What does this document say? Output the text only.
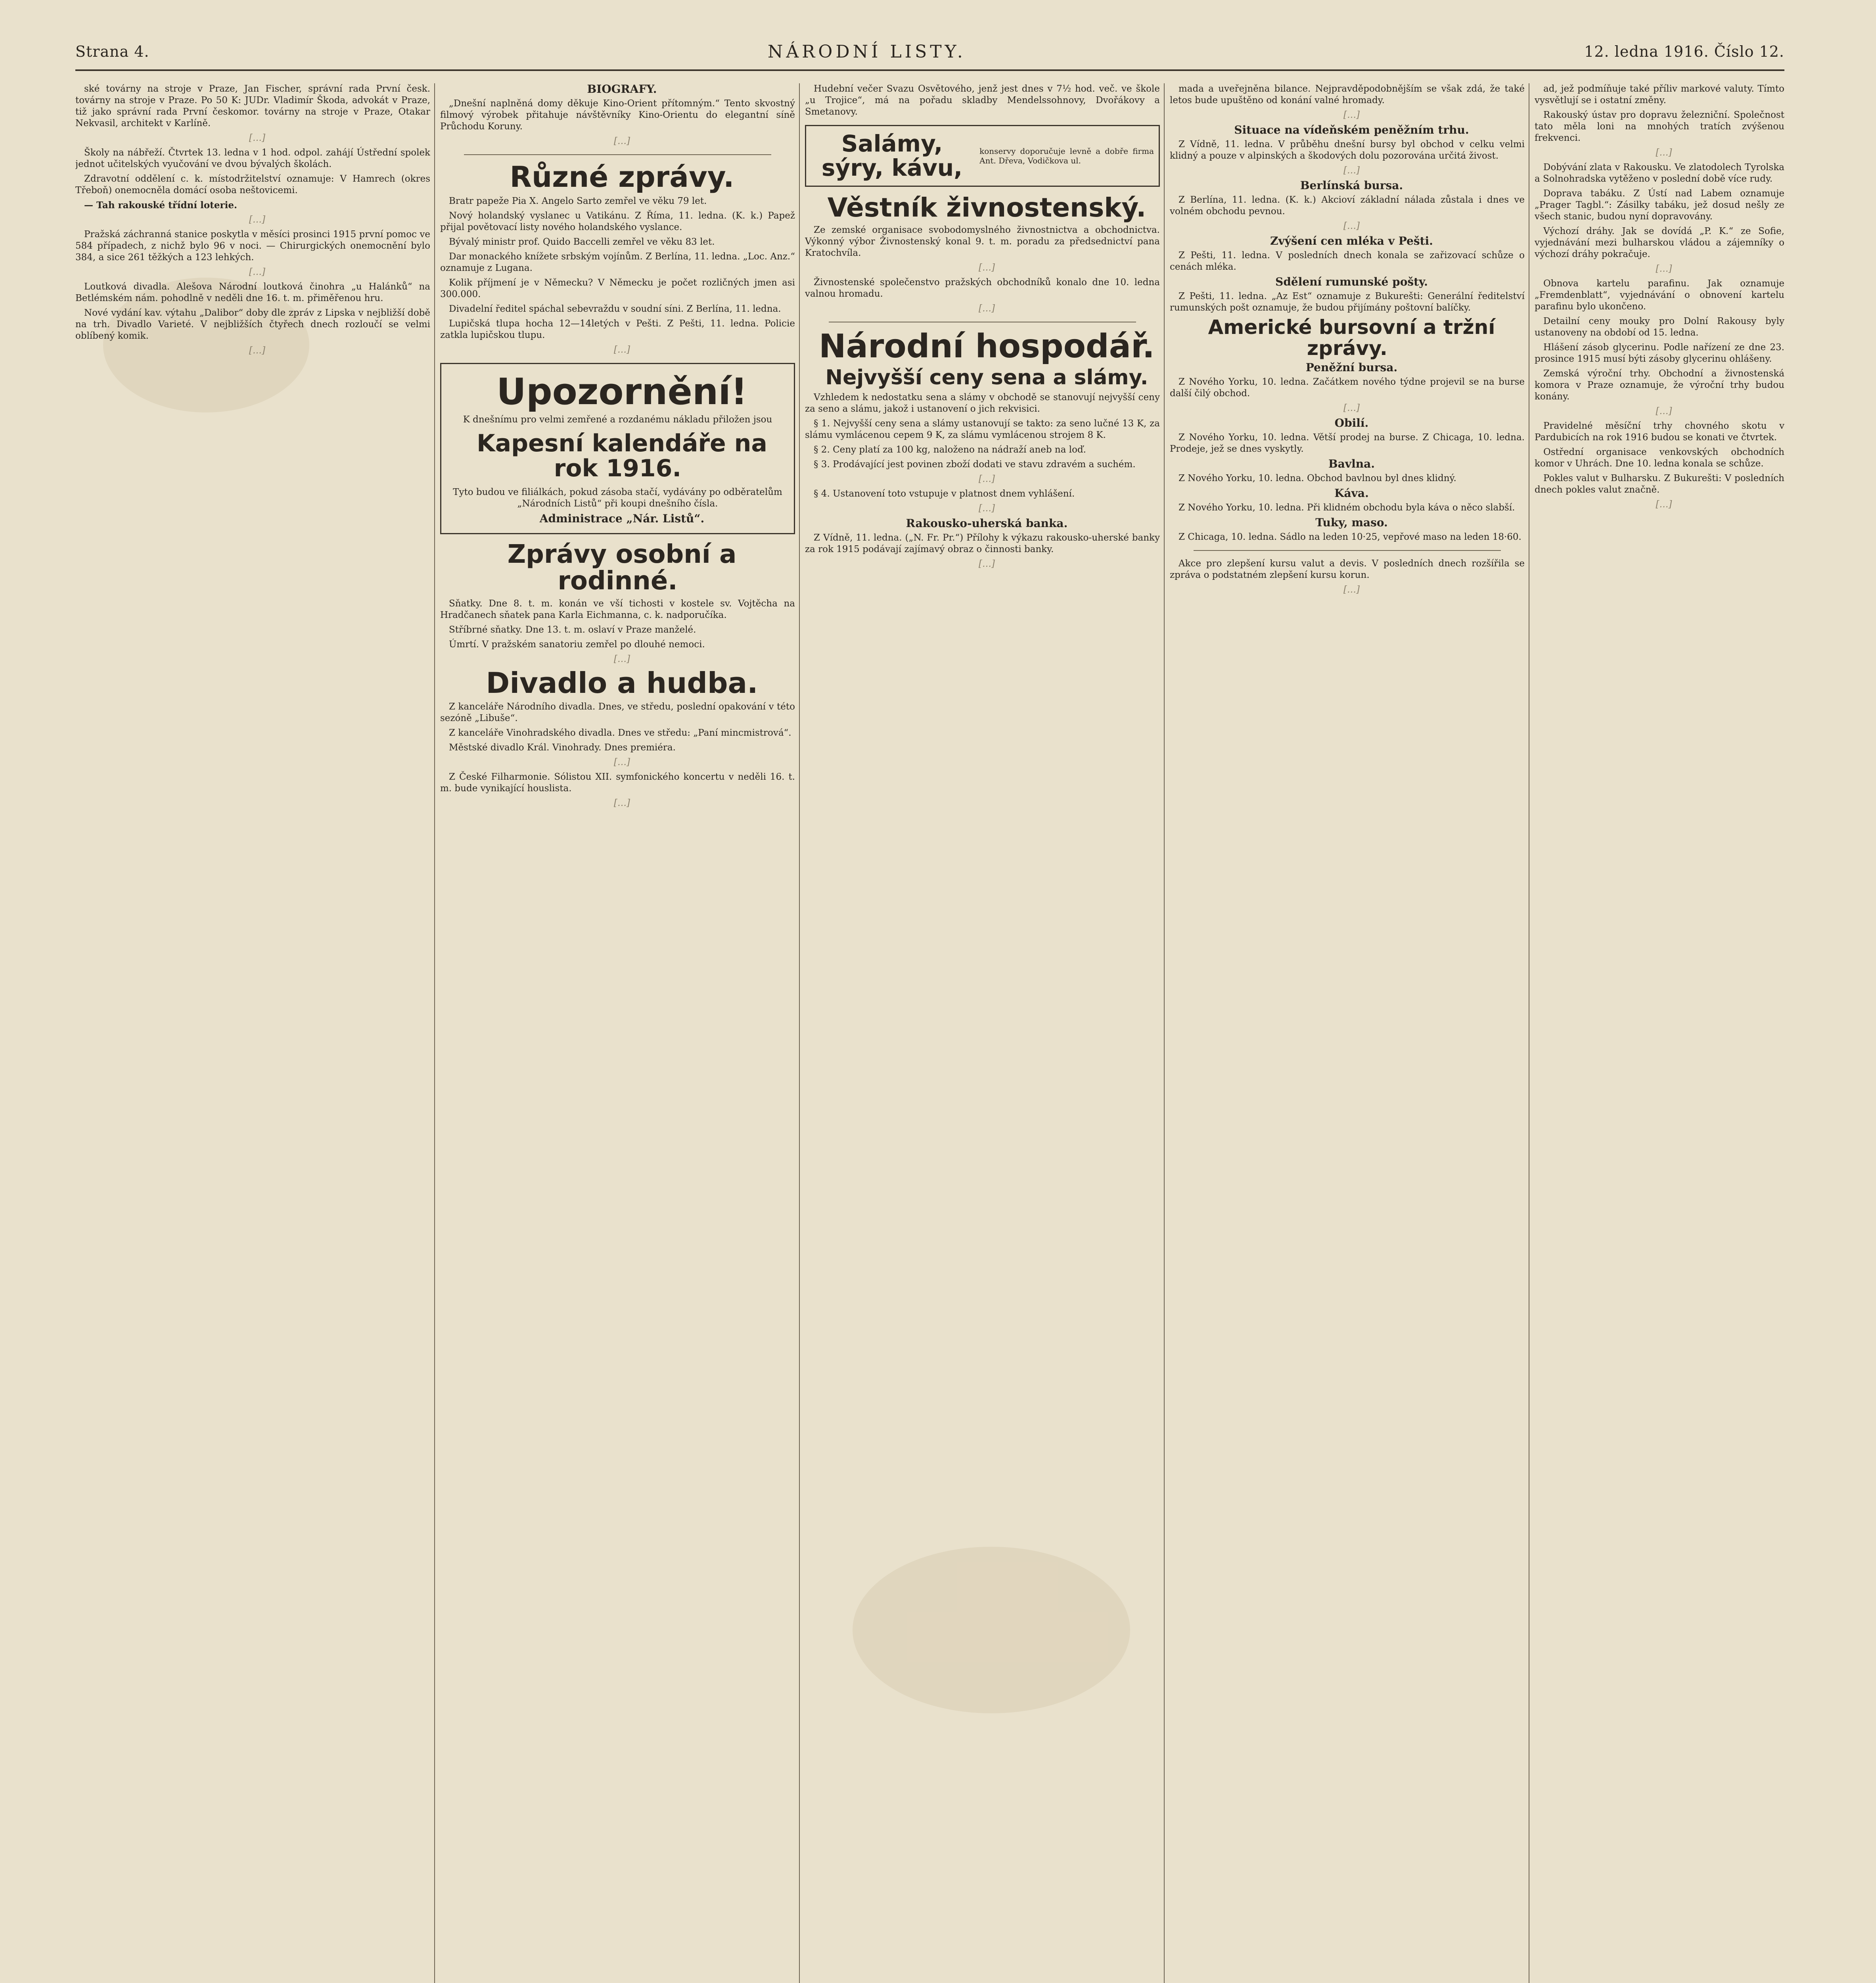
Strana 4.	NÁRODNÍ LISTY.	12. ledna 1916. Číslo 12.

ské továrny na stroje v Praze, Jan Fischer, správní rada První česk. továrny na stroje v Praze. Po 50 K: JUDr. Vladimír Škoda, advokát v Praze, tiž jako správní rada První českomor. továrny na stroje v Praze, Otakar Nekvasil, architekt v Karlíně.

[…]

Školy na nábřeží. Čtvrtek 13. ledna v 1 hod. odpol. zahájí Ústřední spolek jednot učitelských vyučování ve dvou bývalých školách.

Zdravotní oddělení c. k. místodržitelství oznamuje: V Hamrech (okres Třeboň) onemocněla domácí osoba neštovicemi.

— Tah rakouské třídní loterie.

[…]

Pražská záchranná stanice poskytla v měsíci prosinci 1915 první pomoc ve 584 případech, z nichž bylo 96 v noci. — Chirurgických onemocnění bylo 384, a sice 261 těžkých a 123 lehkých.

[…]

Loutková divadla. Alešova Národní loutková činohra „u Halánků“ na Betlémském nám. pohodlně v neděli dne 16. t. m. přiměřenou hru.

Nové vydání kav. výtahu „Dalibor“ doby dle zpráv z Lipska v nejbližší době na trh. Divadlo Varieté. V nejbližších čtyřech dnech rozloučí se velmi oblíbený komik.

[…]

BIOGRAFY.

„Dnešní naplněná domy děkuje Kino-Orient přítomným.“ Tento skvostný filmový výrobek přitahuje návštěvníky Kino-Orientu do elegantní síně Průchodu Koruny.

[…]

Různé zprávy.

Bratr papeže Pia X. Angelo Sarto zemřel ve věku 79 let.

Nový holandský vyslanec u Vatikánu. Z Říma, 11. ledna. (K. k.) Papež přijal povětovací listy nového holandského vyslance.

Bývalý ministr prof. Quido Baccelli zemřel ve věku 83 let.

Dar monackého knížete srbským vojínům. Z Berlína, 11. ledna. „Loc. Anz.“ oznamuje z Lugana.

Kolik příjmení je v Německu? V Německu je počet rozličných jmen asi 300.000.

Divadelní ředitel spáchal sebevraždu v soudní síni. Z Berlína, 11. ledna.

Lupičská tlupa hocha 12—14letých v Pešti. Z Pešti, 11. ledna. Policie zatkla lupičskou tlupu.

[…]

Upozornění!

K dnešnímu pro velmi zemřené a rozdanému nákladu přiložen jsou

Kapesní kalendáře na rok 1916.

Tyto budou ve filiálkách, pokud zásoba stačí, vydávány po odběratelům „Národních Listů“ při koupi dnešního čísla.

Administrace „Nár. Listů“.

Zprávy osobní a rodinné.

Sňatky. Dne 8. t. m. konán ve vší tichosti v kostele sv. Vojtěcha na Hradčanech sňatek pana Karla Eichmanna, c. k. nadporučíka.

Stříbrné sňatky. Dne 13. t. m. oslaví v Praze manželé.

Úmrtí. V pražském sanatoriu zemřel po dlouhé nemoci.

[…]

Divadlo a hudba.

Z kanceláře Národního divadla. Dnes, ve středu, poslední opakování v této sezóně „Libuše“.

Z kanceláře Vinohradského divadla. Dnes ve středu: „Paní mincmistrová“.

Městské divadlo Král. Vinohrady. Dnes premiéra.

[…]

Z České Filharmonie. Sólistou XII. symfonického koncertu v neděli 16. t. m. bude vynikající houslista.

[…]

Hudební večer Svazu Osvětového, jenž jest dnes v 7½ hod. več. ve škole „u Trojice“, má na pořadu skladby Mendelssohnovy, Dvořákovy a Smetanovy.

Salámy, sýry, kávu,
konservy doporučuje levně a dobře firma Ant. Dřeva, Vodičkova ul.

Věstník živnostenský.

Ze zemské organisace svobodomyslného živnostnictva a obchodnictva. Výkonný výbor Živnostenský konal 9. t. m. poradu za předsednictví pana Kratochvíla.

[…]

Živnostenské společenstvo pražských obchodníků konalo dne 10. ledna valnou hromadu.

[…]

Národní hospodář.

Nejvyšší ceny sena a slámy.

Vzhledem k nedostatku sena a slámy v obchodě se stanovují nejvyšší ceny za seno a slámu, jakož i ustanovení o jich rekvisici.

§ 1. Nejvyšší ceny sena a slámy ustanovují se takto: za seno lučné 13 K, za slámu vymlácenou cepem 9 K, za slámu vymlácenou strojem 8 K.

§ 2. Ceny platí za 100 kg, naloženo na nádraží aneb na loď.

§ 3. Prodávající jest povinen zboží dodati ve stavu zdravém a suchém.

[…]

§ 4. Ustanovení toto vstupuje v platnost dnem vyhlášení.

[…]

Rakousko-uherská banka.

Z Vídně, 11. ledna. („N. Fr. Pr.“) Přílohy k výkazu rakousko-uherské banky za rok 1915 podávají zajímavý obraz o činnosti banky.

[…]

mada a uveřejněna bilance. Nejpravděpodobnějším se však zdá, že také letos bude upuštěno od konání valné hromady.

[…]

Situace na vídeňském peněžním trhu.

Z Vídně, 11. ledna. V průběhu dnešní bursy byl obchod v celku velmi klidný a pouze v alpinských a škodových dolu pozorována určitá živost.

[…]

Berlínská bursa.

Z Berlína, 11. ledna. (K. k.) Akcioví základní nálada zůstala i dnes ve volném obchodu pevnou.

[…]

Zvýšení cen mléka v Pešti.

Z Pešti, 11. ledna. V posledních dnech konala se zařizovací schůze o cenách mléka.

Sdělení rumunské pošty.

Z Pešti, 11. ledna. „Az Est“ oznamuje z Bukurešti: Generální ředitelství rumunských pošt oznamuje, že budou přijímány poštovní balíčky.

Americké bursovní a tržní zprávy.

Peněžní bursa.

Z Nového Yorku, 10. ledna. Začátkem nového týdne projevil se na burse další čilý obchod.

[…]

Obilí.

Z Nového Yorku, 10. ledna. Větší prodej na burse. Z Chicaga, 10. ledna. Prodeje, jež se dnes vyskytly.

Bavlna.

Z Nového Yorku, 10. ledna. Obchod bavlnou byl dnes klidný.

Káva.

Z Nového Yorku, 10. ledna. Při klidném obchodu byla káva o něco slabší.

Tuky, maso.

Z Chicaga, 10. ledna. Sádlo na leden 10·25, vepřové maso na leden 18·60.

Akce pro zlepšení kursu valut a devis. V posledních dnech rozšířila se zpráva o podstatném zlepšení kursu korun.

[…]

ad, jež podmíňuje také příliv markové valuty. Tímto vysvětlují se i ostatní změny.

Rakouský ústav pro dopravu železniční. Společnost tato měla loni na mnohých tratích zvýšenou frekvenci.

[…]

Dobývání zlata v Rakousku. Ve zlatodolech Tyrolska a Solnohradska vytěženo v poslední době více rudy.

Doprava tabáku. Z Ústí nad Labem oznamuje „Prager Tagbl.“: Zásilky tabáku, jež dosud nešly ze všech stanic, budou nyní dopravovány.

Výchozí dráhy. Jak se dovídá „P. K.“ ze Sofie, vyjednávání mezi bulharskou vládou a zájemníky o výchozí dráhy pokračuje.

[…]

Obnova kartelu parafinu. Jak oznamuje „Fremdenblatt“, vyjednávání o obnovení kartelu parafinu bylo ukončeno.

Detailní ceny mouky pro Dolní Rakousy byly ustanoveny na období od 15. ledna.

Hlášení zásob glycerinu. Podle nařízení ze dne 23. prosince 1915 musí býti zásoby glycerinu ohlášeny.

Zemská výroční trhy. Obchodní a živnostenská komora v Praze oznamuje, že výroční trhy budou konány.

[…]

Pravidelné měsíční trhy chovného skotu v Pardubicích na rok 1916 budou se konati ve čtvrtek.

Ostřední organisace venkovských obchodních komor v Uhrách. Dne 10. ledna konala se schůze.

Pokles valut v Bulharsku. Z Bukurešti: V posledních dnech pokles valut značně.

[…]
